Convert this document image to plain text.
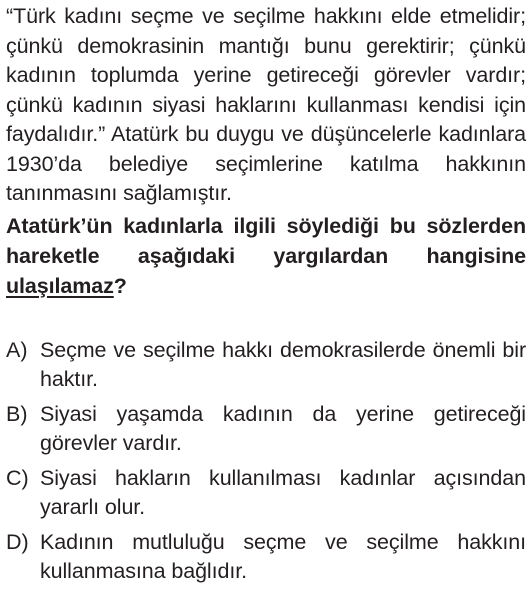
“Türk kadını seçme ve seçilme hakkını elde etmelidir; çünkü demokrasinin mantığı bunu gerektirir; çünkü kadının toplumda yerine getireceği görevler vardır; çünkü kadının siyasi haklarını kullanması kendisi için faydalıdır.” Atatürk bu duygu ve düşüncelerle kadınlara 1930’da belediye seçimlerine katılma hakkının tanınmasını sağlamıştır.

Atatürk’ün kadınlarla ilgili söylediği bu sözlerden hareketle aşağıdaki yargılardan hangisine ulaşılamaz?

A) Seçme ve seçilme hakkı demokrasilerde önemli bir haktır.
B) Siyasi yaşamda kadının da yerine getireceği görevler vardır.
C) Siyasi hakların kullanılması kadınlar açısından yararlı olur.
D) Kadının mutluluğu seçme ve seçilme hakkını kullanmasına bağlıdır.
